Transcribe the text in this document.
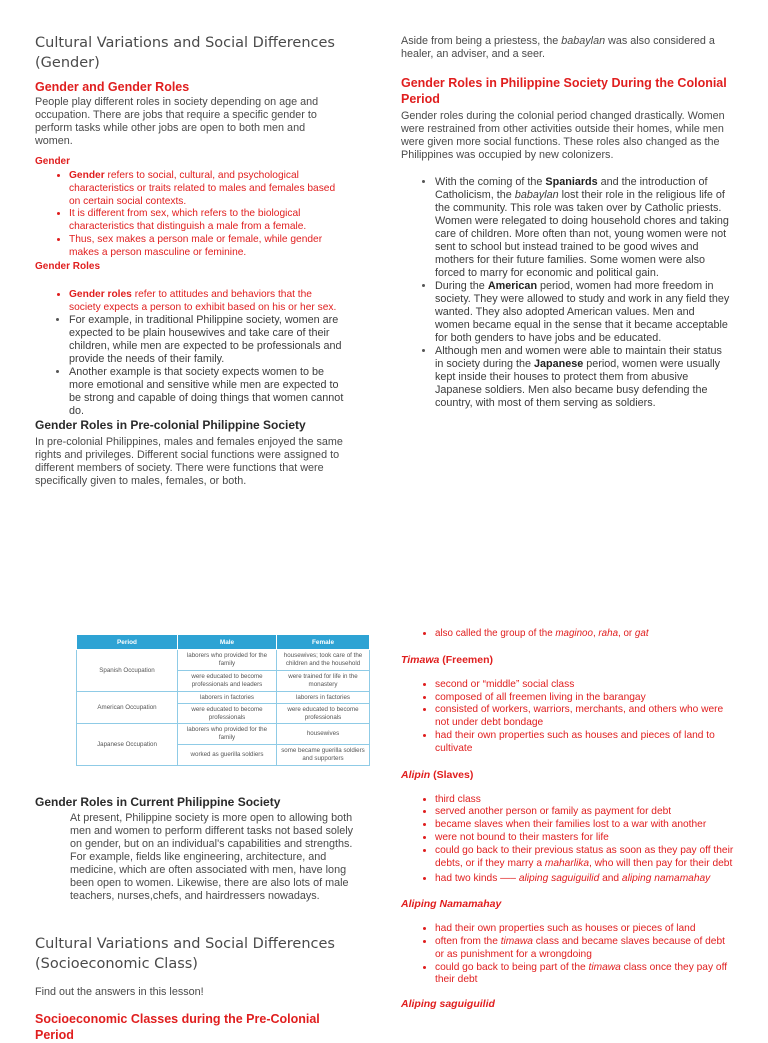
Cultural Variations and Social Differences (Gender)
Gender and Gender Roles

People play different roles in society depending on age and occupation. There are jobs that require a specific gender to perform tasks while other jobs are open to both men and women.

Gender
• Gender refers to social, cultural, and psychological characteristics or traits related to males and females based on certain social contexts.
• It is different from sex, which refers to the biological characteristics that distinguish a male from a female.
• Thus, sex makes a person male or female, while gender makes a person masculine or feminine.
Gender Roles
• Gender roles refer to attitudes and behaviors that the society expects a person to exhibit based on his or her sex.
• For example, in traditional Philippine society, women are expected to be plain housewives and take care of their children, while men are expected to be professionals and provide the needs of their family.
• Another example is that society expects women to be more emotional and sensitive while men are expected to be strong and capable of doing things that women cannot do.
Gender Roles in Pre-colonial Philippine Society

In pre-colonial Philippines, males and females enjoyed the same rights and privileges. Different social functions were assigned to different members of society. There were functions that were specifically given to males, females, or both.

Aside from being a priestess, the babaylan was also considered a healer, an adviser, and a seer.

Gender Roles in Philippine Society During the Colonial Period

Gender roles during the colonial period changed drastically. Women were restrained from other activities outside their homes, while men were given more social functions. These roles also changed as the Philippines was occupied by new colonizers.

• With the coming of the Spaniards and the introduction of Catholicism, the babaylan lost their role in the religious life of the community. This role was taken over by Catholic priests. Women were relegated to doing household chores and taking care of children. More often than not, young women were not sent to school but instead trained to be good wives and mothers for their future families. Some women were also forced to marry for economic and political gain.
• During the American period, women had more freedom in society. They were allowed to study and work in any field they wanted. They also adopted American values. Men and women became equal in the sense that it became acceptable for both genders to have jobs and be educated.
• Although men and women were able to maintain their status in society during the Japanese period, women were usually kept inside their houses to protect them from abusive Japanese soldiers. Men also became busy defending the country, with most of them serving as soldiers.
Period	Male	Female
Spanish Occupation	laborers who provided for the family	housewives; took care of the children and the household
	were educated to become professionals and leaders	were trained for life in the monastery
American Occupation	laborers in factories	laborers in factories
	were educated to become professionals	were educated to become professionals
Japanese Occupation	laborers who provided for the family	housewives
	worked as guerilla soldiers	some became guerilla soldiers and supporters
Gender Roles in Current Philippine Society

At present, Philippine society is more open to allowing both men and women to perform different tasks not based solely on gender, but on an individual's capabilities and strengths. For example, fields like engineering, architecture, and medicine, which are often associated with men, have long been open to women. Likewise, there are also lots of male teachers, nurses,chefs, and hairdressers nowadays.

Cultural Variations and Social Differences (Socioeconomic Class)

Find out the answers in this lesson!

Socioeconomic Classes during the Pre-Colonial Period
• also called the group of the maginoo, raha, or gat
Timawa (Freemen)
• second or “middle” social class
• composed of all freemen living in the barangay
• consisted of workers, warriors, merchants, and others who were not under debt bondage
• had their own properties such as houses and pieces of land to cultivate
Alipin (Slaves)
• third class
• served another person or family as payment for debt
• became slaves when their families lost to a war with another
• were not bound to their masters for life
• could go back to their previous status as soon as they pay off their debts, or if they marry a maharlika, who will then pay for their debt
• had two kinds —– aliping saguiguilid and aliping namamahay
Aliping Namamahay
• had their own properties such as houses or pieces of land
• often from the timawa class and became slaves because of debt or as punishment for a wrongdoing
• could go back to being part of the timawa class once they pay off their debt
Aliping saguiguilid
